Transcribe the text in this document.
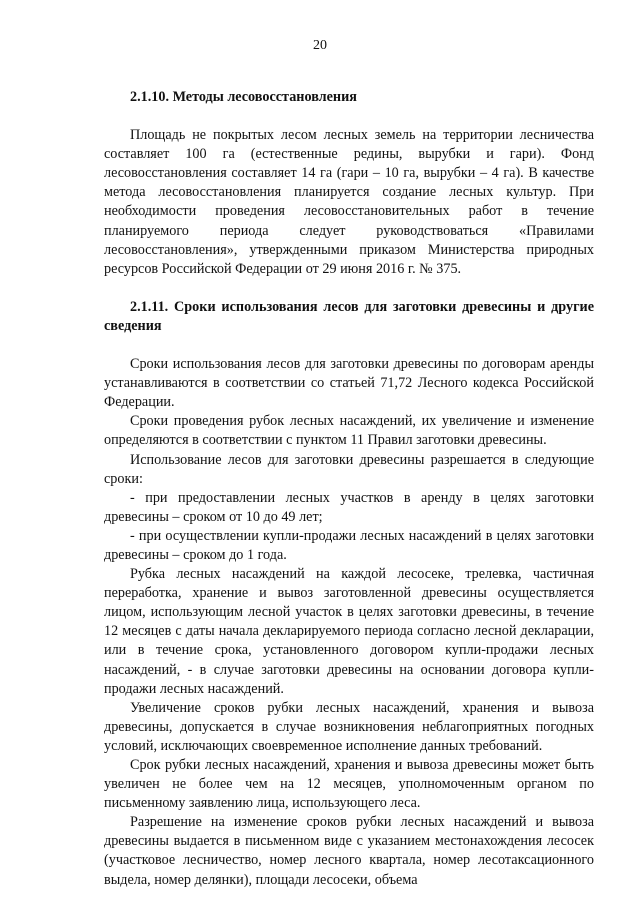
20

2.1.10. Методы лесовосстановления

Площадь не покрытых лесом лесных земель на территории лесничества составляет 100 га (естественные редины, вырубки и гари). Фонд лесовосстановления составляет 14 га (гари – 10 га, вырубки – 4 га). В качестве метода лесовосстановления планируется создание лесных культур. При необходимости проведения лесовосстановительных работ в течение планируемого периода следует руководствоваться «Правилами лесовосстановления», утвержденными приказом Министерства природных ресурсов Российской Федерации от 29 июня 2016 г. № 375.

2.1.11. Сроки использования лесов для заготовки древесины и другие сведения

Сроки использования лесов для заготовки древесины по договорам аренды устанавливаются в соответствии со статьей 71,72 Лесного кодекса Российской Федерации.

Сроки проведения рубок лесных насаждений, их увеличение и изменение определяются в соответствии с пунктом 11 Правил заготовки древесины.

Использование лесов для заготовки древесины разрешается в следующие сроки:

- при предоставлении лесных участков в аренду в целях заготовки древесины – сроком от 10 до 49 лет;

- при осуществлении купли-продажи лесных насаждений в целях заготовки древесины – сроком до 1 года.

Рубка лесных насаждений на каждой лесосеке, трелевка, частичная переработка, хранение и вывоз заготовленной древесины осуществляется лицом, использующим лесной участок в целях заготовки древесины, в течение 12 месяцев с даты начала декларируемого периода согласно лесной декларации, или в течение срока, установленного договором купли-продажи лесных насаждений, - в случае заготовки древесины на основании договора купли-продажи лесных насаждений.

Увеличение сроков рубки лесных насаждений, хранения и вывоза древесины, допускается в случае возникновения неблагоприятных погодных условий, исключающих своевременное исполнение данных требований.

Срок рубки лесных насаждений, хранения и вывоза древесины может быть увеличен не более чем на 12 месяцев, уполномоченным органом по письменному заявлению лица, использующего леса.

Разрешение на изменение сроков рубки лесных насаждений и вывоза древесины выдается в письменном виде с указанием местонахождения лесосек (участковое лесничество, номер лесного квартала, номер лесотаксационного выдела, номер делянки), площади лесосеки, объема
